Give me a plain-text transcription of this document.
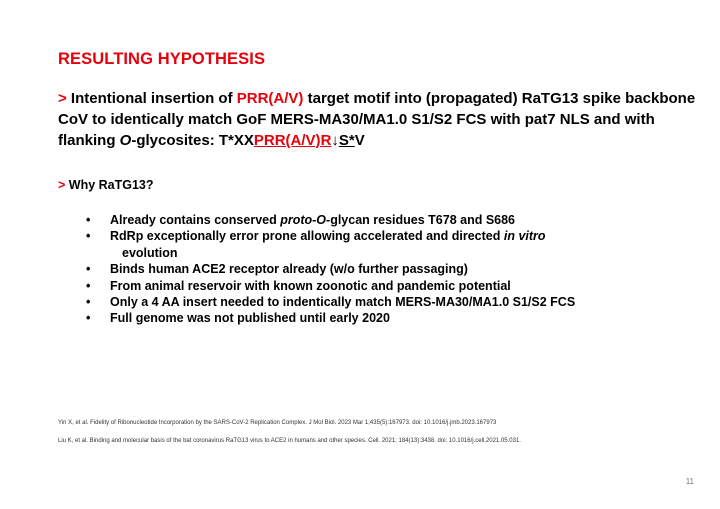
RESULTING HYPOTHESIS
> Intentional insertion of PRR(A/V) target motif into (propagated) RaTG13 spike backbone CoV to identically match GoF MERS-MA30/MA1.0 S1/S2 FCS with pat7 NLS and with flanking O-glycosites: T*XXPRR(A/V)R↓S*V
> Why RaTG13?
• Already contains conserved proto-O-glycan residues T678 and S686
• RdRp exceptionally error prone allowing accelerated and directed in vitro
evolution
• Binds human ACE2 receptor already (w/o further passaging)
• From animal reservoir with known zoonotic and pandemic potential
• Only a 4 AA insert needed to indentically match MERS-MA30/MA1.0 S1/S2 FCS
• Full genome was not published until early 2020
Yin X, et al. Fidelity of Ribonucleotide Incorporation by the SARS-CoV-2 Replication Complex. J Mol Biol. 2023 Mar 1;435(5):167973. doi: 10.1016/j.jmb.2023.167973
Liu K, et al. Binding and molecular basis of the bat coronavirus RaTG13 virus to ACE2 in humans and other species. Cell. 2021; 184(13):3438. doi: 10.1016/j.cell.2021.05.031.
11
